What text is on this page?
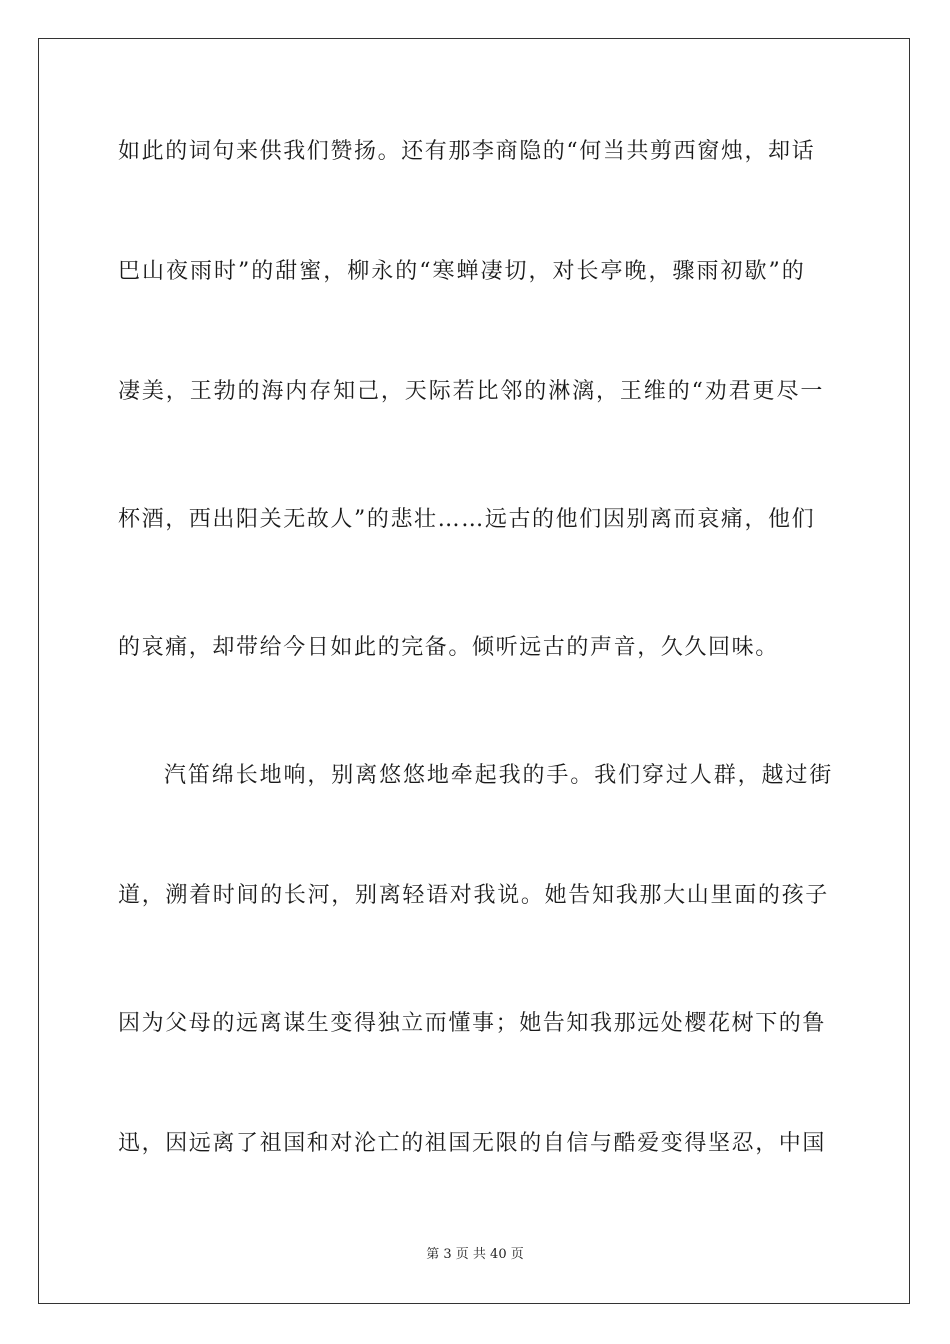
如此的词句来供我们赞扬。还有那李商隐的“何当共剪西窗烛，却话
巴山夜雨时”的甜蜜，柳永的“寒蝉凄切，对长亭晚，骤雨初歇”的
凄美，王勃的海内存知己，天际若比邻的淋漓，王维的“劝君更尽一
杯酒，西出阳关无故人”的悲壮……远古的他们因别离而哀痛，他们
的哀痛，却带给今日如此的完备。倾听远古的声音，久久回味。
汽笛绵长地响，别离悠悠地牵起我的手。我们穿过人群，越过街
道，溯着时间的长河，别离轻语对我说。她告知我那大山里面的孩子
因为父母的远离谋生变得独立而懂事；她告知我那远处樱花树下的鲁
迅，因远离了祖国和对沦亡的祖国无限的自信与酷爱变得坚忍，中国
第 3 页 共 40 页
